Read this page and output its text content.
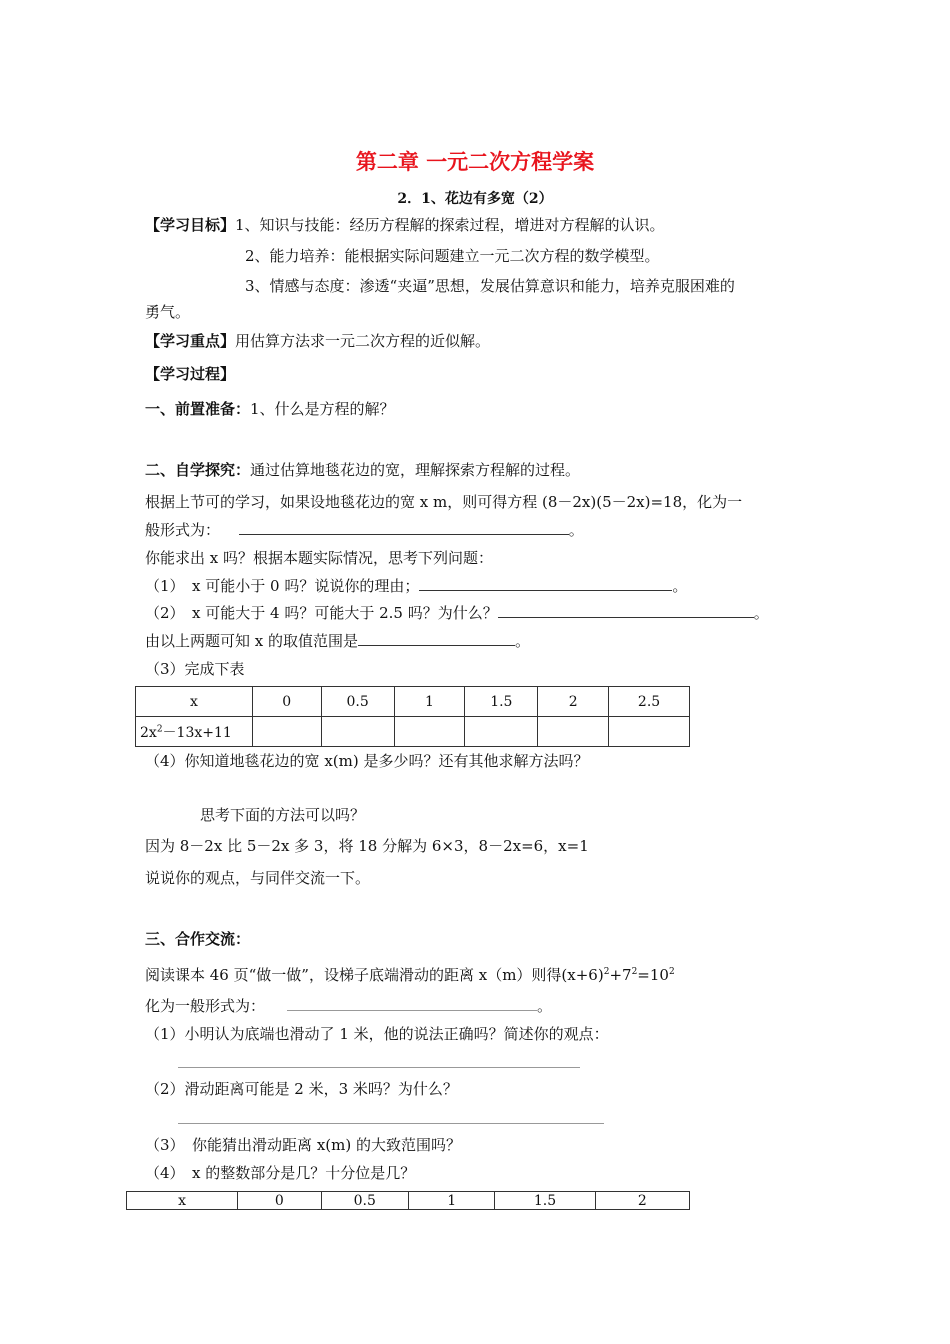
第二章 一元二次方程学案
2．1、花边有多宽（2）
【学习目标】1、知识与技能：经历方程解的探索过程，增进对方程解的认识。
2、能力培养：能根据实际问题建立一元二次方程的数学模型。
3、情感与态度：渗透“夹逼”思想，发展估算意识和能力，培养克服困难的
勇气。
【学习重点】用估算方法求一元二次方程的近似解。
【学习过程】
一、前置准备：1、什么是方程的解？
二、自学探究：通过估算地毯花边的宽，理解探索方程解的过程。
根据上节可的学习，如果设地毯花边的宽 x m，则可得方程 (8－2x)(5－2x)=18，化为一
般形式为：	。
你能求出 x 吗？根据本题实际情况，思考下列问题：
（1）　x 可能小于 0 吗？说说你的理由；	。
（2）　x 可能大于 4 吗？可能大于 2.5 吗？为什么？	。
由以上两题可知 x 的取值范围是	。
（3）完成下表
x	0	0.5	1	1.5	2	2.5
$2x^2-13x+11$						
（4）你知道地毯花边的宽 x(m) 是多少吗？还有其他求解方法吗？
思考下面的方法可以吗？
因为 8－2x 比 5－2x 多 3，将 18 分解为 6×3，8－2x=6，x=1
说说你的观点，与同伴交流一下。
三、合作交流：
阅读课本 46 页“做一做”，设梯子底端滑动的距离 x（m）则得$(x+6)^2+7^2=10^2$
化为一般形式为：	。
（1）小明认为底端也滑动了 1 米，他的说法正确吗？简述你的观点：
（2）滑动距离可能是 2 米，3 米吗？为什么？
（3）　你能猜出滑动距离 x(m) 的大致范围吗？
（4）　x 的整数部分是几？十分位是几？
x	0	0.5	1	1.5	2
